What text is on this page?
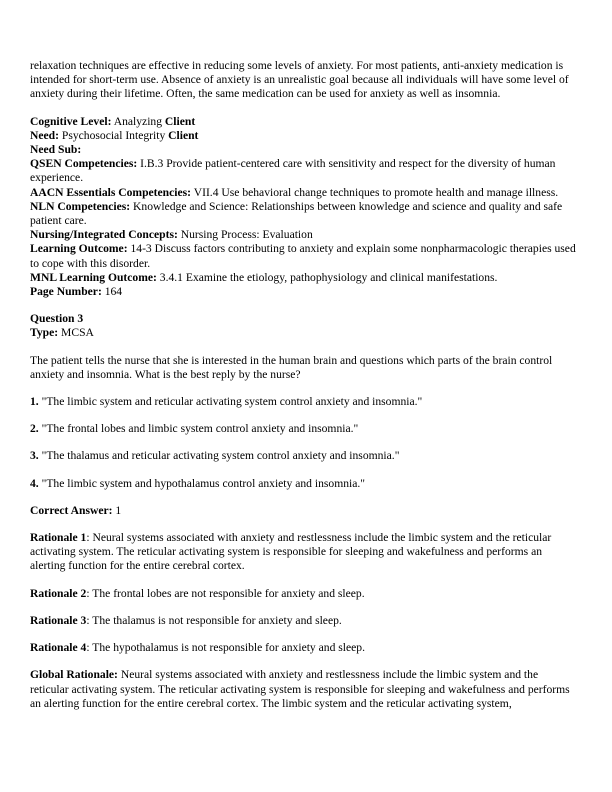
relaxation techniques are effective in reducing some levels of anxiety. For most patients, anti-anxiety medication is intended for short-term use. Absence of anxiety is an unrealistic goal because all individuals will have some level of anxiety during their lifetime. Often, the same medication can be used for anxiety as well as insomnia.

Cognitive Level: Analyzing Client

Need: Psychosocial Integrity Client

Need Sub:

QSEN Competencies: I.B.3 Provide patient-centered care with sensitivity and respect for the diversity of human experience.

AACN Essentials Competencies: VII.4 Use behavioral change techniques to promote health and manage illness.

NLN Competencies: Knowledge and Science: Relationships between knowledge and science and quality and safe patient care.

Nursing/Integrated Concepts: Nursing Process: Evaluation

Learning Outcome: 14-3 Discuss factors contributing to anxiety and explain some nonpharmacologic therapies used to cope with this disorder.

MNL Learning Outcome: 3.4.1 Examine the etiology, pathophysiology and clinical manifestations.

Page Number: 164

Question 3

Type: MCSA

The patient tells the nurse that she is interested in the human brain and questions which parts of the brain control anxiety and insomnia. What is the best reply by the nurse?

1. "The limbic system and reticular activating system control anxiety and insomnia."

2. "The frontal lobes and limbic system control anxiety and insomnia."

3. "The thalamus and reticular activating system control anxiety and insomnia."

4. "The limbic system and hypothalamus control anxiety and insomnia."

Correct Answer: 1

Rationale 1: Neural systems associated with anxiety and restlessness include the limbic system and the reticular activating system. The reticular activating system is responsible for sleeping and wakefulness and performs an alerting function for the entire cerebral cortex.

Rationale 2: The frontal lobes are not responsible for anxiety and sleep.

Rationale 3: The thalamus is not responsible for anxiety and sleep.

Rationale 4: The hypothalamus is not responsible for anxiety and sleep.

Global Rationale: Neural systems associated with anxiety and restlessness include the limbic system and the reticular activating system. The reticular activating system is responsible for sleeping and wakefulness and performs an alerting function for the entire cerebral cortex. The limbic system and the reticular activating system,
